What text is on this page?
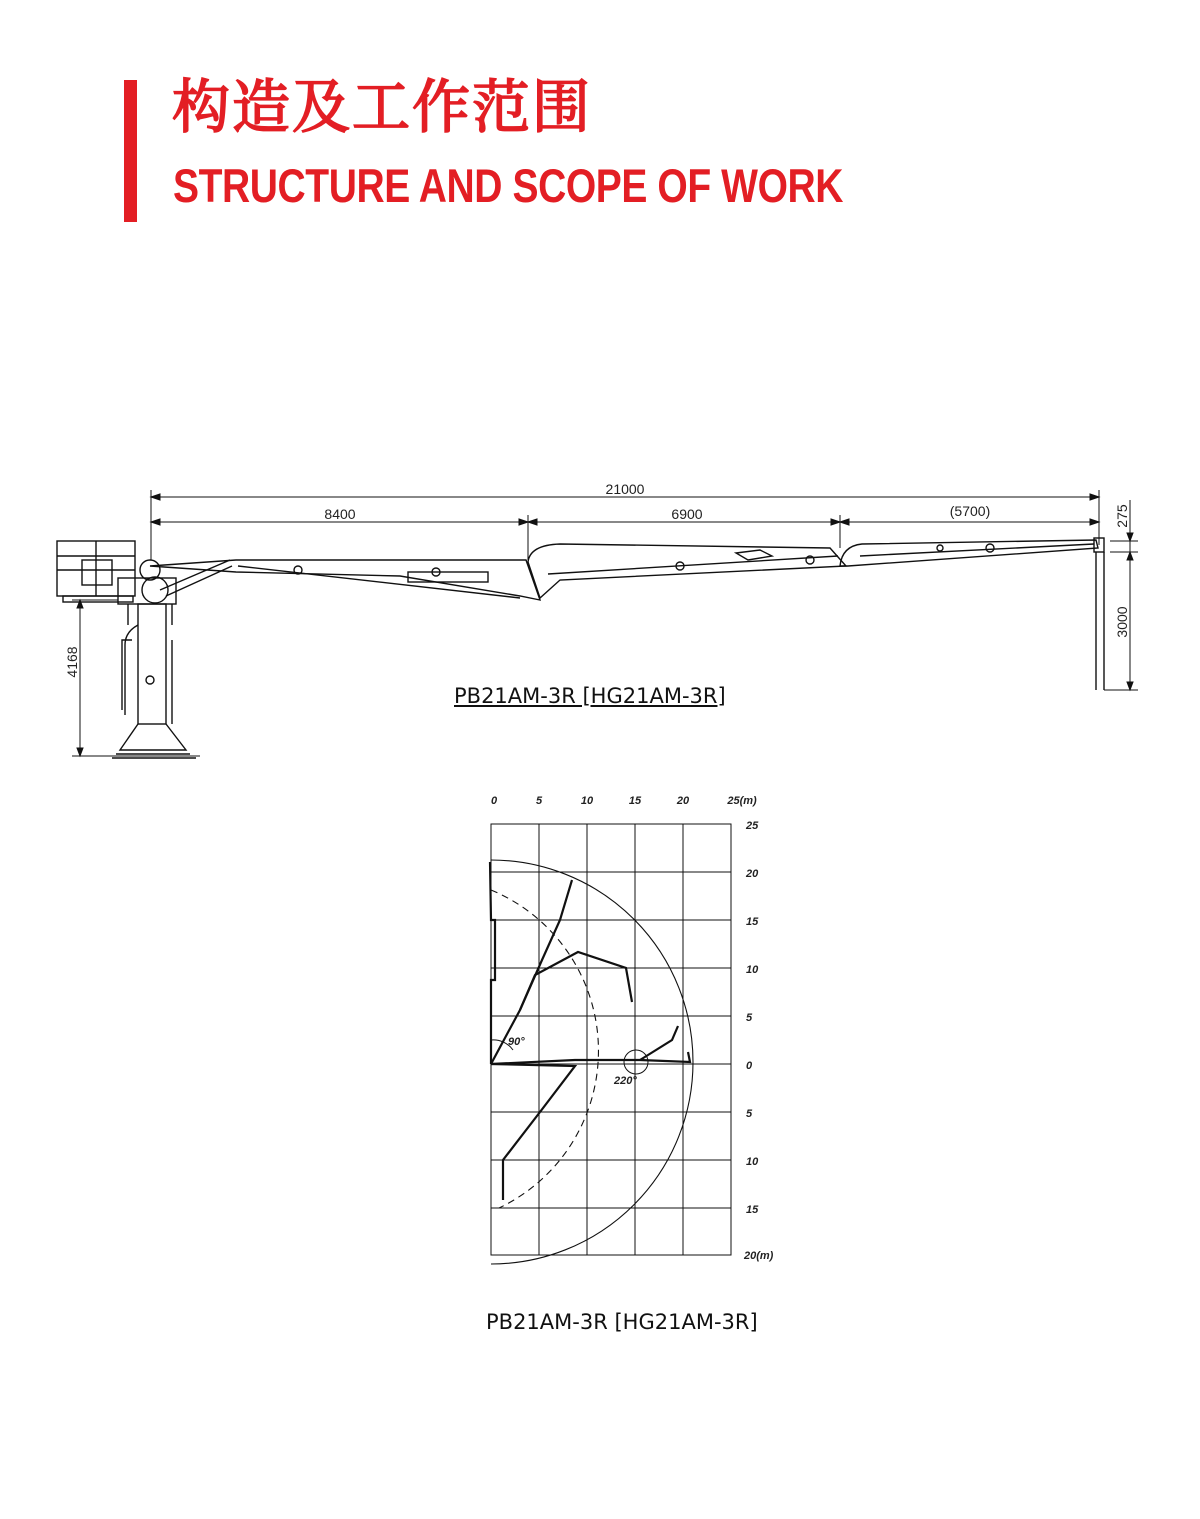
构造及工作范围
STRUCTURE AND SCOPE OF WORK
21000
8400	6900	(5700)	275
3000
4168
0	5	10	15	20	25(m)
25
20
15
10
5
0
5
10
15
20(m)
90°
220°
PB21AM-3R [HG21AM-3R]
PB21AM-3R [HG21AM-3R]
